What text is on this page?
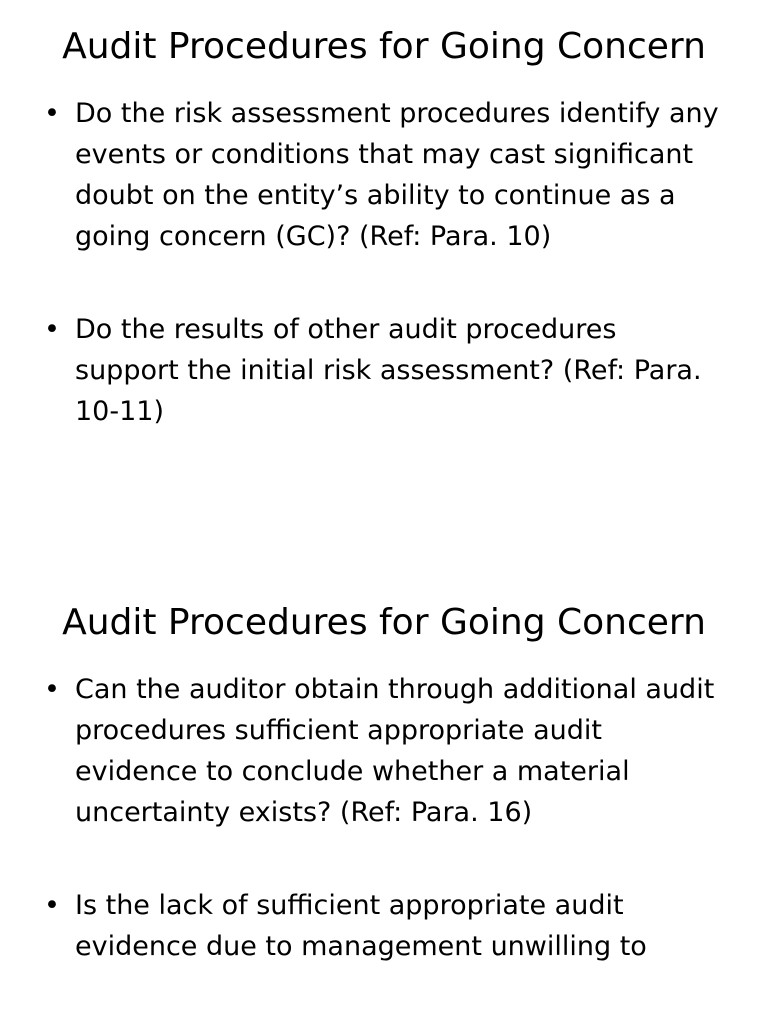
Audit Procedures for Going Concern
• Do the risk assessment procedures identify any events or conditions that may cast significant doubt on the entity’s ability to continue as a going concern (GC)? (Ref: Para. 10)
• Do the results of other audit procedures support the initial risk assessment? (Ref: Para. 10-11)
Audit Procedures for Going Concern
• Can the auditor obtain through additional audit procedures sufficient appropriate audit evidence to conclude whether a material uncertainty exists? (Ref: Para. 16)
• Is the lack of sufficient appropriate audit evidence due to management unwilling to
